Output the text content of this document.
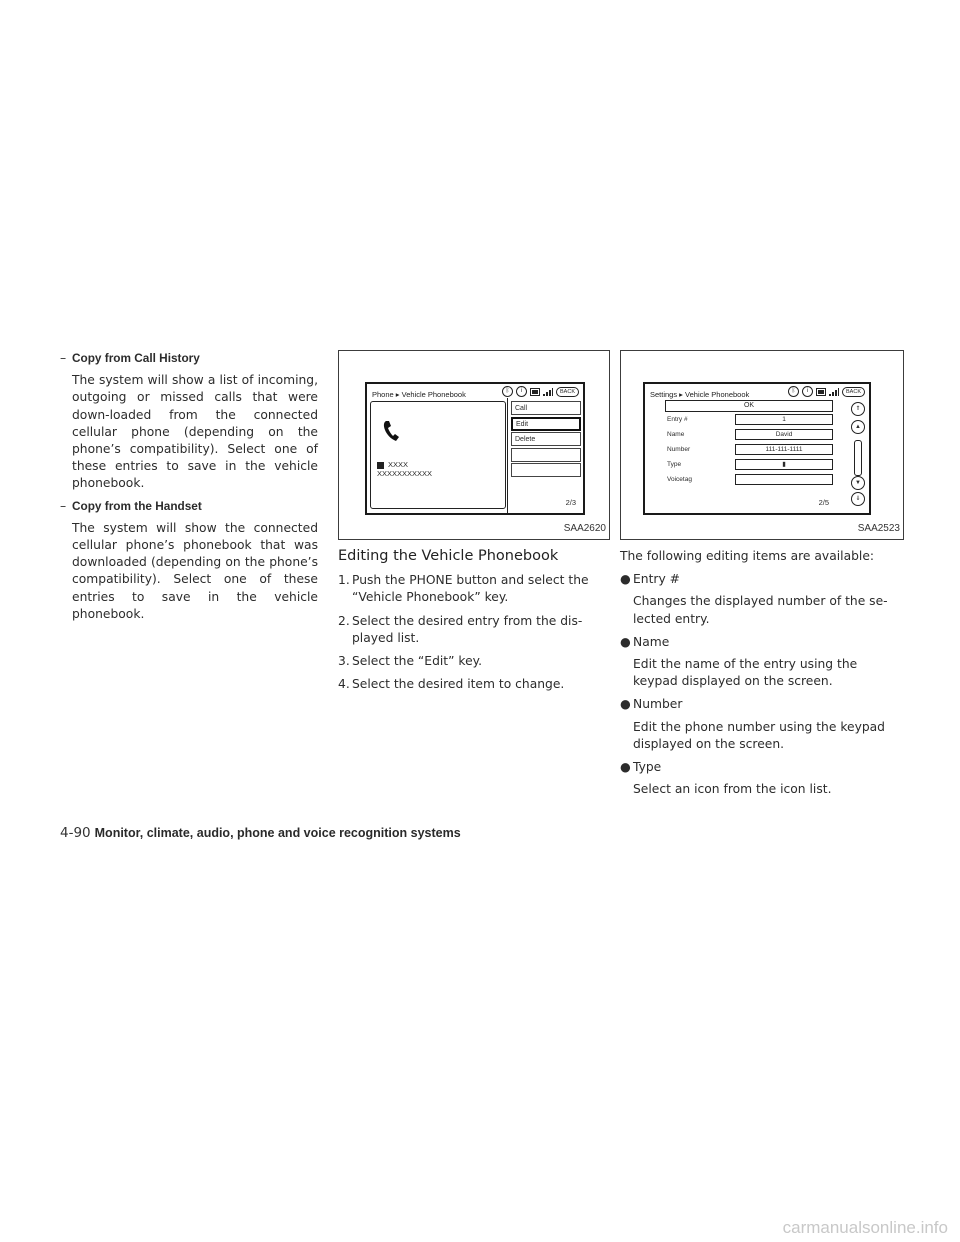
– Copy from Call History
The system will show a list of incoming, outgoing or missed calls that were down-loaded from the connected cellular phone (depending on the phone’s compatibility). Select one of these entries to save in the vehicle phonebook.
– Copy from the Handset
The system will show the connected cellular phone’s phonebook that was downloaded (depending on the phone’s compatibility). Select one of these entries to save in the vehicle phonebook.
Phone ▸ Vehicle Phonebook	ᛒ	i	BACK
XXXX
XXXXXXXXXXX
Call
Edit
Delete
2/3
SAA2620
Editing the Vehicle Phonebook
1. Push the PHONE button and select the “Vehicle Phonebook” key.
2. Select the desired entry from the dis-played list.
3. Select the “Edit” key.
4. Select the desired item to change.
Settings ▸ Vehicle Phonebook	ᛒ	i	BACK
OK
Entry #	1
Name	David
Number	111-111-1111
Type	▮
Voicetag
⇑
▲
▼
⇓
2/5
SAA2523
The following editing items are available:
● Entry #
Changes the displayed number of the se-lected entry.
● Name
Edit the name of the entry using the keypad displayed on the screen.
● Number
Edit the phone number using the keypad displayed on the screen.
● Type
Select an icon from the icon list.
4-90 Monitor, climate, audio, phone and voice recognition systems
carmanualsonline.info
